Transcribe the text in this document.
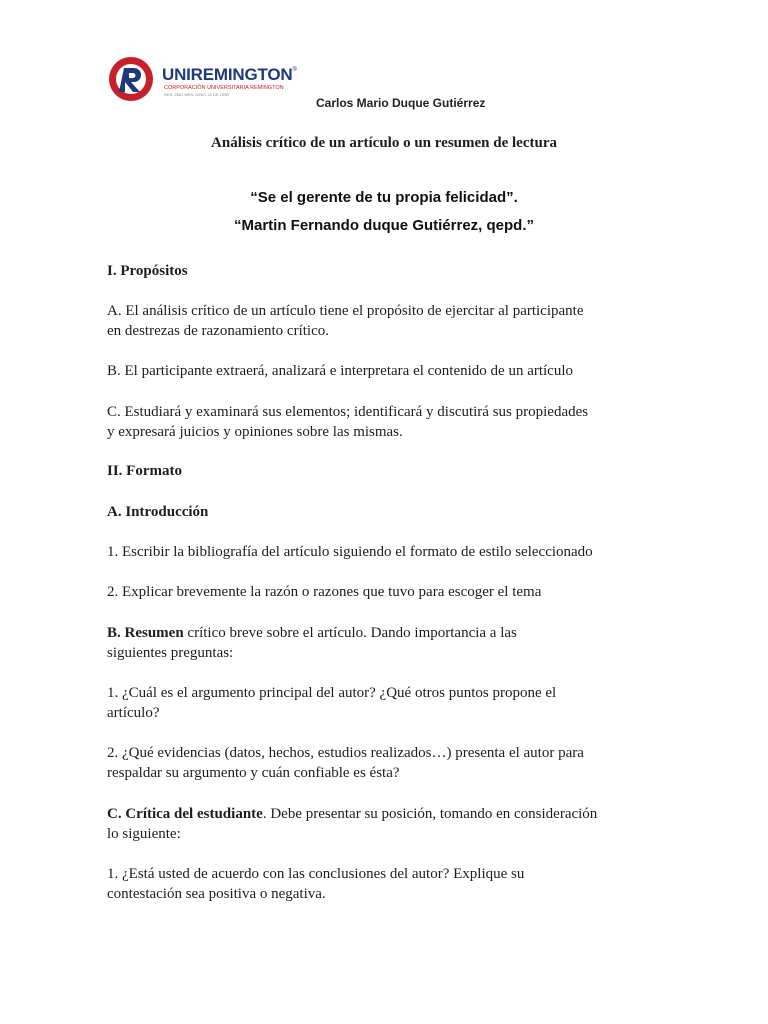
UNIREMINGTON®
CORPORACIÓN UNIVERSITARIA REMINGTON
RES. 2661 MEN JUNIO 21 DE 1996
Carlos Mario Duque Gutiérrez
Análisis crítico de un artículo o un resumen de lectura
“Se el gerente de tu propia felicidad”.
“Martin Fernando duque Gutiérrez, qepd.”
I. Propósitos
A. El análisis crítico de un artículo tiene el propósito de ejercitar al participante
en destrezas de razonamiento crítico.
B. El participante extraerá, analizará e interpretara el contenido de un artículo
C. Estudiará y examinará sus elementos; identificará y discutirá sus propiedades
y expresará juicios y opiniones sobre las mismas.
II. Formato
A. Introducción
1. Escribir la bibliografía del artículo siguiendo el formato de estilo seleccionado
2. Explicar brevemente la razón o razones que tuvo para escoger el tema
B. Resumen crítico breve sobre el artículo. Dando importancia a las
siguientes preguntas:
1. ¿Cuál es el argumento principal del autor? ¿Qué otros puntos propone el
artículo?
2. ¿Qué evidencias (datos, hechos, estudios realizados…) presenta el autor para
respaldar su argumento y cuán confiable es ésta?
C. Crítica del estudiante. Debe presentar su posición, tomando en consideración
lo siguiente:
1. ¿Está usted de acuerdo con las conclusiones del autor? Explique su
contestación sea positiva o negativa.
